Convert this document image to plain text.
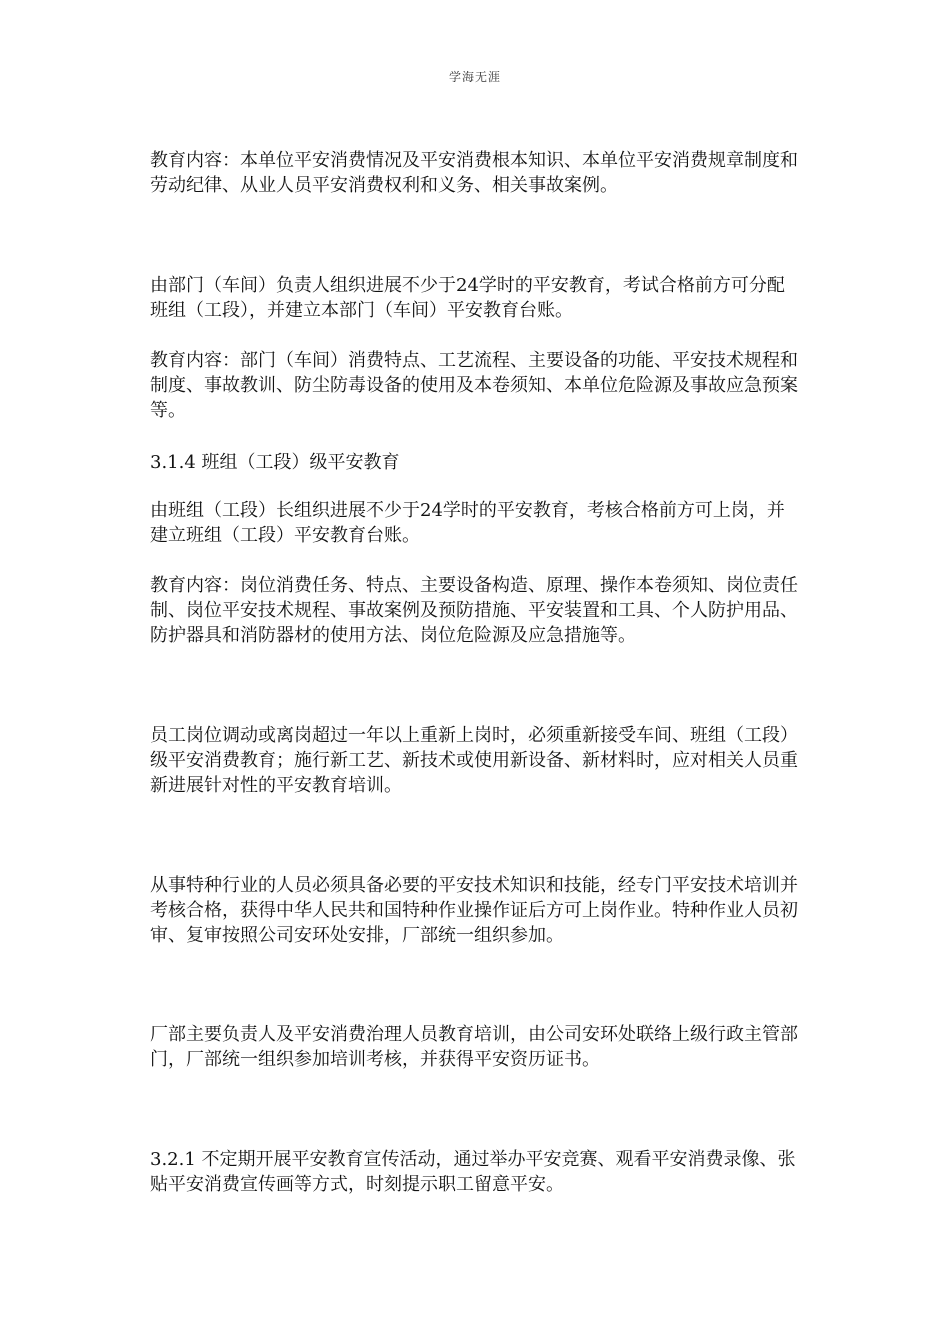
学海无涯

教育内容：本单位平安消费情况及平安消费根本知识、本单位平安消费规章制度和劳动纪律、从业人员平安消费权利和义务、相关事故案例。

由部门（车间）负责人组织进展不少于24学时的平安教育，考试合格前方可分配班组（工段），并建立本部门（车间）平安教育台账。

教育内容：部门（车间）消费特点、工艺流程、主要设备的功能、平安技术规程和制度、事故教训、防尘防毒设备的使用及本卷须知、本单位危险源及事故应急预案等。

3.1.4 班组（工段）级平安教育

由班组（工段）长组织进展不少于24学时的平安教育，考核合格前方可上岗，并建立班组（工段）平安教育台账。

教育内容：岗位消费任务、特点、主要设备构造、原理、操作本卷须知、岗位责任制、岗位平安技术规程、事故案例及预防措施、平安装置和工具、个人防护用品、防护器具和消防器材的使用方法、岗位危险源及应急措施等。

员工岗位调动或离岗超过一年以上重新上岗时，必须重新接受车间、班组（工段）级平安消费教育；施行新工艺、新技术或使用新设备、新材料时，应对相关人员重新进展针对性的平安教育培训。

从事特种行业的人员必须具备必要的平安技术知识和技能，经专门平安技术培训并考核合格，获得中华人民共和国特种作业操作证后方可上岗作业。特种作业人员初审、复审按照公司安环处安排，厂部统一组织参加。

厂部主要负责人及平安消费治理人员教育培训，由公司安环处联络上级行政主管部门，厂部统一组织参加培训考核，并获得平安资历证书。

3.2.1 不定期开展平安教育宣传活动，通过举办平安竞赛、观看平安消费录像、张贴平安消费宣传画等方式，时刻提示职工留意平安。
